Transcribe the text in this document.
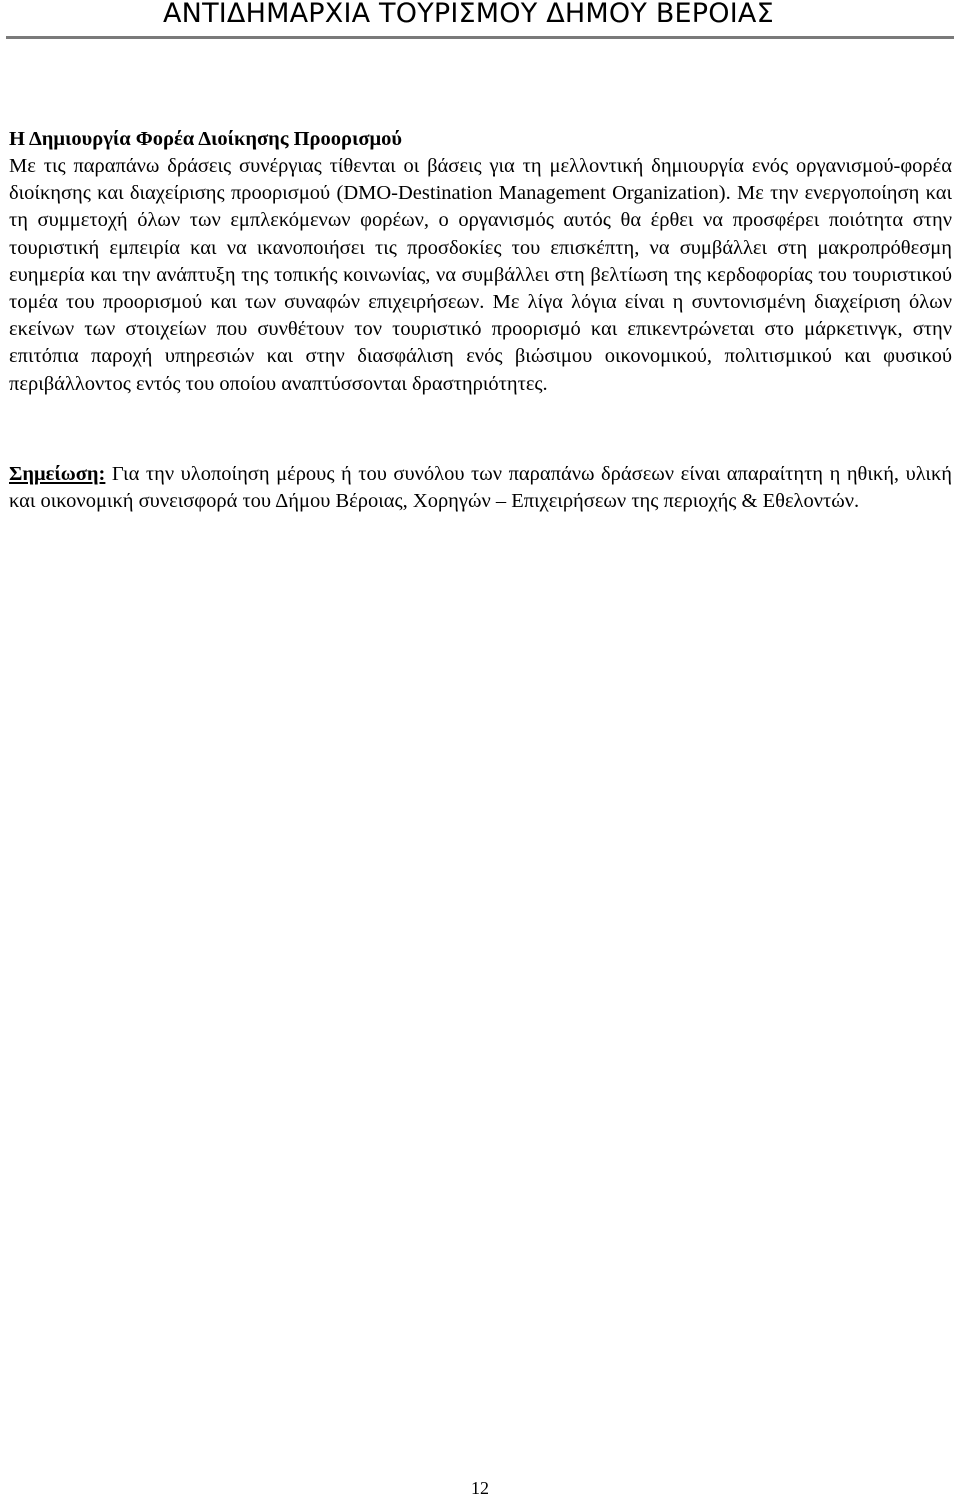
ΑΝΤΙΔΗΜΑΡΧΙΑ ΤΟΥΡΙΣΜΟΥ ΔΗΜΟΥ ΒΕΡΟΙΑΣ
Η Δημιουργία Φορέα Διοίκησης Προορισμού
Με τις παραπάνω δράσεις συνέργιας τίθενται οι βάσεις για τη μελλοντική δημιουργία ενός οργανισμού-φορέα διοίκησης και διαχείρισης προορισμού (DMO-Destination Management Organization). Με την ενεργοποίηση και τη συμμετοχή όλων των εμπλεκόμενων φορέων, ο οργανισμός αυτός θα έρθει να προσφέρει ποιότητα στην τουριστική εμπειρία και να ικανοποιήσει τις προσδοκίες του επισκέπτη, να συμβάλλει στη μακροπρόθεσμη ευημερία και την ανάπτυξη της τοπικής κοινωνίας, να συμβάλλει στη βελτίωση της κερδοφορίας του τουριστικού τομέα του προορισμού και των συναφών επιχειρήσεων. Με λίγα λόγια είναι η συντονισμένη διαχείριση όλων εκείνων των στοιχείων που συνθέτουν τον τουριστικό προορισμό και επικεντρώνεται στο μάρκετινγκ, στην επιτόπια παροχή υπηρεσιών και στην διασφάλιση ενός βιώσιμου οικονομικού, πολιτισμικού και φυσικού περιβάλλοντος εντός του οποίου αναπτύσσονται δραστηριότητες.
Σημείωση: Για την υλοποίηση μέρους ή του συνόλου των παραπάνω δράσεων είναι απαραίτητη η ηθική, υλική και οικονομική συνεισφορά του Δήμου Βέροιας, Χορηγών – Επιχειρήσεων της περιοχής & Εθελοντών.
12
